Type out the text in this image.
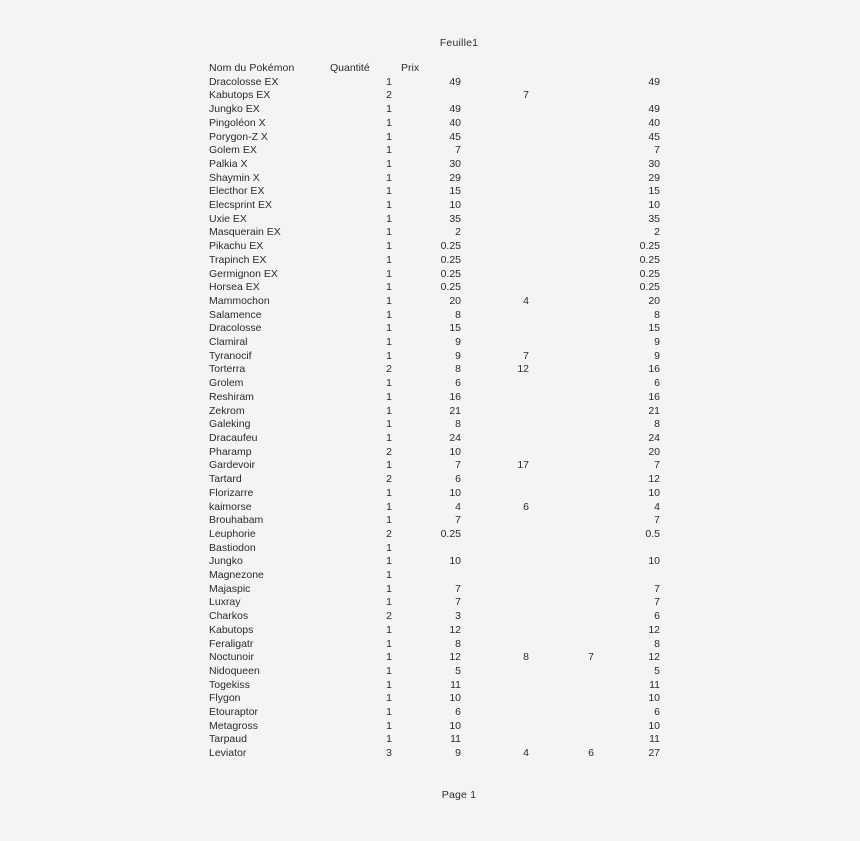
Feuille1
Nom du Pokémon	Quantité	Prix			
Dracolosse EX	1	49			49
Kabutops EX	2		7		
Jungko EX	1	49			49
Pingoléon X	1	40			40
Porygon-Z X	1	45			45
Golem EX	1	7			7
Palkia X	1	30			30
Shaymin X	1	29			29
Electhor EX	1	15			15
Elecsprint EX	1	10			10
Uxie EX	1	35			35
Masquerain EX	1	2			2
Pikachu EX	1	0.25			0.25
Trapinch EX	1	0.25			0.25
Germignon EX	1	0.25			0.25
Horsea EX	1	0.25			0.25
Mammochon	1	20	4		20
Salamence	1	8			8
Dracolosse	1	15			15
Clamiral	1	9			9
Tyranocif	1	9	7		9
Torterra	2	8	12		16
Grolem	1	6			6
Reshiram	1	16			16
Zekrom	1	21			21
Galeking	1	8			8
Dracaufeu	1	24			24
Pharamp	2	10			20
Gardevoir	1	7	17		7
Tartard	2	6			12
Florizarre	1	10			10
kaimorse	1	4	6		4
Brouhabam	1	7			7
Leuphorie	2	0.25			0.5
Bastiodon	1				
Jungko	1	10			10
Magnezone	1				
Majaspic	1	7			7
Luxray	1	7			7
Charkos	2	3			6
Kabutops	1	12			12
Feraligatr	1	8			8
Noctunoir	1	12	8	7	12
Nidoqueen	1	5			5
Togekiss	1	11			11
Flygon	1	10			10
Etouraptor	1	6			6
Metagross	1	10			10
Tarpaud	1	11			11
Leviator	3	9	4	6	27
Page 1
